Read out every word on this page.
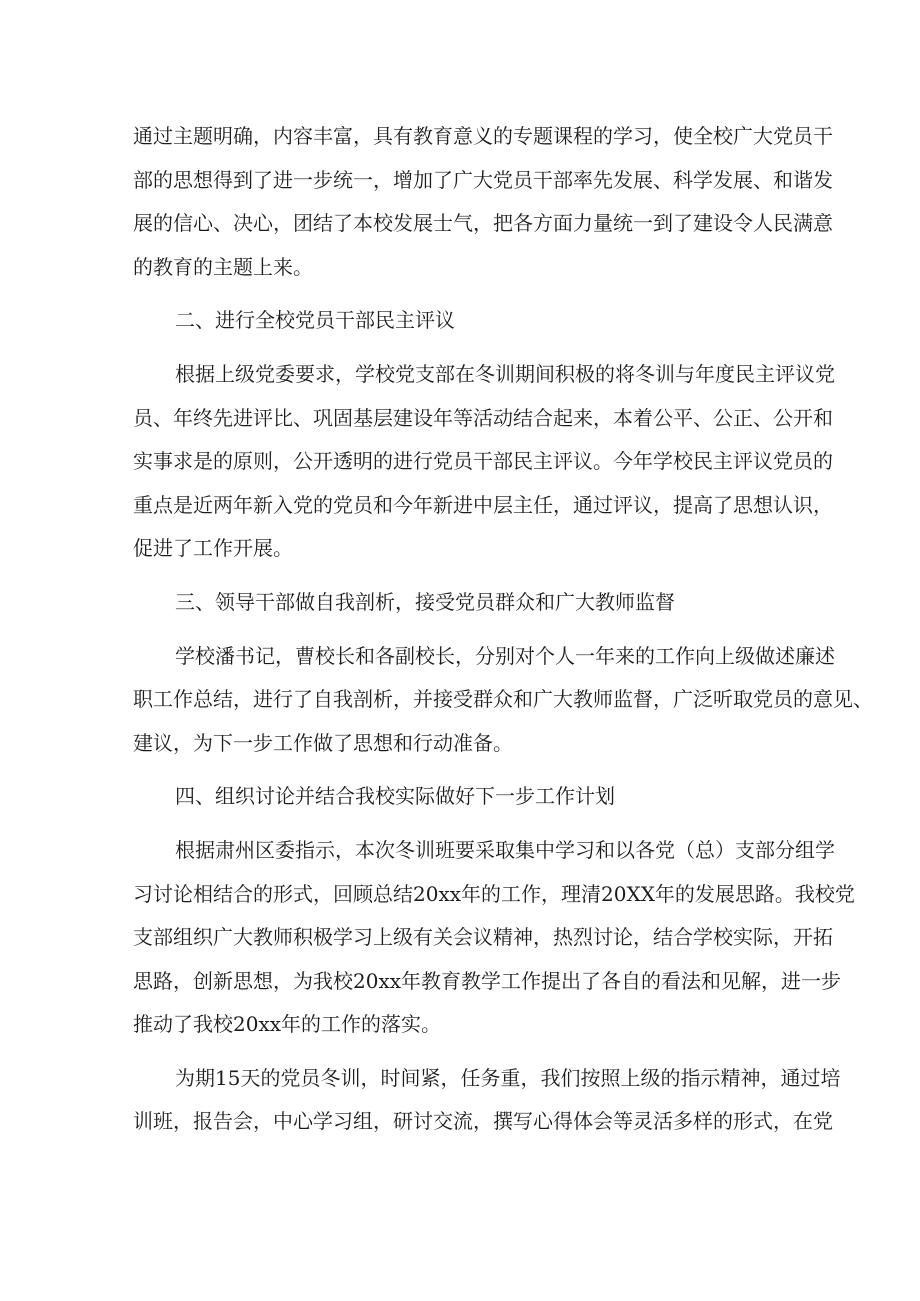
通过主题明确，内容丰富，具有教育意义的专题课程的学习，使全校广大党员干
部的思想得到了进一步统一，增加了广大党员干部率先发展、科学发展、和谐发
展的信心、决心，团结了本校发展士气，把各方面力量统一到了建设令人民满意
的教育的主题上来。
二、进行全校党员干部民主评议
根据上级党委要求，学校党支部在冬训期间积极的将冬训与年度民主评议党
员、年终先进评比、巩固基层建设年等活动结合起来，本着公平、公正、公开和
实事求是的原则，公开透明的进行党员干部民主评议。今年学校民主评议党员的
重点是近两年新入党的党员和今年新进中层主任，通过评议，提高了思想认识，
促进了工作开展。
三、领导干部做自我剖析，接受党员群众和广大教师监督
学校潘书记，曹校长和各副校长，分别对个人一年来的工作向上级做述廉述
职工作总结，进行了自我剖析，并接受群众和广大教师监督，广泛听取党员的意见、
建议，为下一步工作做了思想和行动准备。
四、组织讨论并结合我校实际做好下一步工作计划
根据肃州区委指示，本次冬训班要采取集中学习和以各党（总）支部分组学
习讨论相结合的形式，回顾总结20xx年的工作，理清20XX年的发展思路。我校党
支部组织广大教师积极学习上级有关会议精神，热烈讨论，结合学校实际，开拓
思路，创新思想，为我校20xx年教育教学工作提出了各自的看法和见解，进一步
推动了我校20xx年的工作的落实。
为期15天的党员冬训，时间紧，任务重，我们按照上级的指示精神，通过培
训班，报告会，中心学习组，研讨交流，撰写心得体会等灵活多样的形式，在党
